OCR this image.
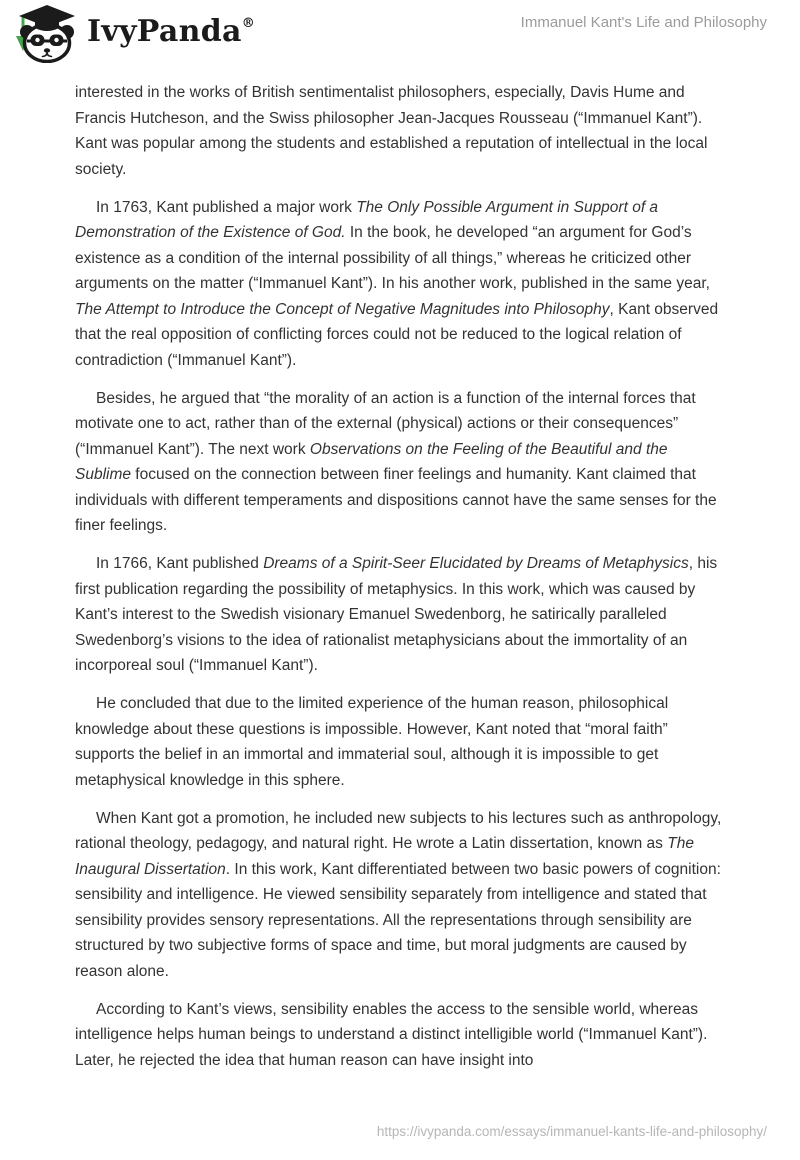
IvyPanda®	Immanuel Kant's Life and Philosophy

interested in the works of British sentimentalist philosophers, especially, Davis Hume and Francis Hutcheson, and the Swiss philosopher Jean-Jacques Rousseau (“Immanuel Kant”). Kant was popular among the students and established a reputation of intellectual in the local society.

In 1763, Kant published a major work The Only Possible Argument in Support of a Demonstration of the Existence of God. In the book, he developed “an argument for God’s existence as a condition of the internal possibility of all things,” whereas he criticized other arguments on the matter (“Immanuel Kant”). In his another work, published in the same year, The Attempt to Introduce the Concept of Negative Magnitudes into Philosophy, Kant observed that the real opposition of conflicting forces could not be reduced to the logical relation of contradiction (“Immanuel Kant”).

Besides, he argued that “the morality of an action is a function of the internal forces that motivate one to act, rather than of the external (physical) actions or their consequences” (“Immanuel Kant”). The next work Observations on the Feeling of the Beautiful and the Sublime focused on the connection between finer feelings and humanity. Kant claimed that individuals with different temperaments and dispositions cannot have the same senses for the finer feelings.

In 1766, Kant published Dreams of a Spirit-Seer Elucidated by Dreams of Metaphysics, his first publication regarding the possibility of metaphysics. In this work, which was caused by Kant’s interest to the Swedish visionary Emanuel Swedenborg, he satirically paralleled Swedenborg’s visions to the idea of rationalist metaphysicians about the immortality of an incorporeal soul (“Immanuel Kant”).

He concluded that due to the limited experience of the human reason, philosophical knowledge about these questions is impossible. However, Kant noted that “moral faith” supports the belief in an immortal and immaterial soul, although it is impossible to get metaphysical knowledge in this sphere.

When Kant got a promotion, he included new subjects to his lectures such as anthropology, rational theology, pedagogy, and natural right. He wrote a Latin dissertation, known as The Inaugural Dissertation. In this work, Kant differentiated between two basic powers of cognition: sensibility and intelligence. He viewed sensibility separately from intelligence and stated that sensibility provides sensory representations. All the representations through sensibility are structured by two subjective forms of space and time, but moral judgments are caused by reason alone.

According to Kant’s views, sensibility enables the access to the sensible world, whereas intelligence helps human beings to understand a distinct intelligible world (“Immanuel Kant”). Later, he rejected the idea that human reason can have insight into

https://ivypanda.com/essays/immanuel-kants-life-and-philosophy/
